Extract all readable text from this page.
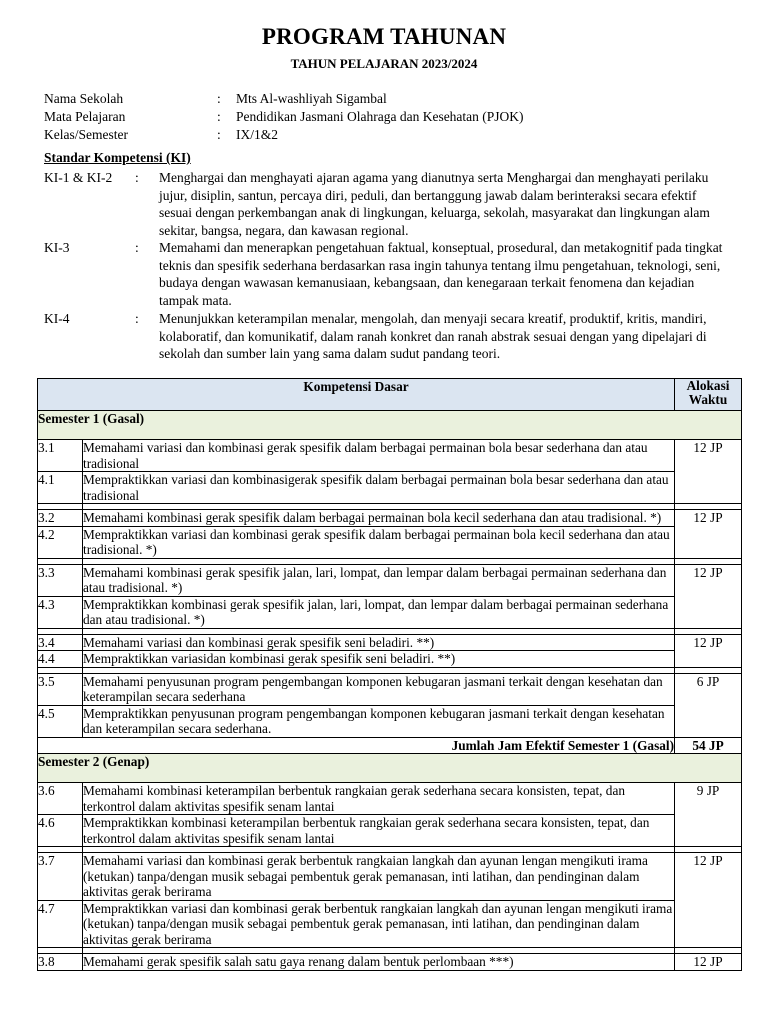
PROGRAM TAHUNAN
TAHUN PELAJARAN 2023/2024
Nama Sekolah	: Mts Al-washliyah Sigambal
Mata Pelajaran	: Pendidikan Jasmani Olahraga dan Kesehatan (PJOK)
Kelas/Semester	: IX/1&2
Standar Kompetensi (KI)
KI-1 & KI-2	: Menghargai dan menghayati ajaran agama yang dianutnya serta Menghargai dan menghayati perilaku jujur, disiplin, santun, percaya diri, peduli, dan bertanggung jawab dalam berinteraksi secara efektif sesuai dengan perkembangan anak di lingkungan, keluarga, sekolah, masyarakat dan lingkungan alam sekitar, bangsa, negara, dan kawasan regional.
KI-3	: Memahami dan menerapkan pengetahuan faktual, konseptual, prosedural, dan metakognitif pada tingkat teknis dan spesifik sederhana berdasarkan rasa ingin tahunya tentang ilmu pengetahuan, teknologi, seni, budaya dengan wawasan kemanusiaan, kebangsaan, dan kenegaraan terkait fenomena dan kejadian tampak mata.
KI-4	: Menunjukkan keterampilan menalar, mengolah, dan menyaji secara kreatif, produktif, kritis, mandiri, kolaboratif, dan komunikatif, dalam ranah konkret dan ranah abstrak sesuai dengan yang dipelajari di sekolah dan sumber lain yang sama dalam sudut pandang teori.
Kompetensi Dasar		Alokasi Waktu
Semester 1 (Gasal)		
3.1	Memahami variasi dan kombinasi gerak spesifik dalam berbagai permainan bola besar sederhana dan atau tradisional	12 JP
4.1	Mempraktikkan variasi dan kombinasigerak spesifik dalam berbagai permainan bola besar sederhana dan atau tradisional	

3.2	Memahami kombinasi gerak spesifik dalam berbagai permainan bola kecil sederhana dan atau tradisional. *)	12 JP
4.2	Mempraktikkan variasi dan kombinasi gerak spesifik dalam berbagai permainan bola kecil sederhana dan atau tradisional. *)	

3.3	Memahami kombinasi gerak spesifik jalan, lari, lompat, dan lempar dalam berbagai permainan sederhana dan atau tradisional. *)	12 JP
4.3	Mempraktikkan kombinasi gerak spesifik jalan, lari, lompat, dan lempar dalam berbagai permainan sederhana dan atau tradisional. *)	

3.4	Memahami variasi dan kombinasi gerak spesifik seni beladiri. **)	12 JP
4.4	Mempraktikkan variasidan kombinasi gerak spesifik seni beladiri. **)	

3.5	Memahami penyusunan program pengembangan komponen kebugaran jasmani terkait dengan kesehatan dan keterampilan secara sederhana	6 JP
4.5	Mempraktikkan penyusunan program pengembangan komponen kebugaran jasmani terkait dengan kesehatan dan keterampilan secara sederhana.	
Jumlah Jam Efektif Semester 1 (Gasal)		54 JP
Semester 2 (Genap)		
3.6	Memahami kombinasi keterampilan berbentuk rangkaian gerak sederhana secara konsisten, tepat, dan terkontrol dalam aktivitas spesifik senam lantai	9 JP
4.6	Mempraktikkan kombinasi keterampilan berbentuk rangkaian gerak sederhana secara konsisten, tepat, dan terkontrol dalam aktivitas spesifik senam lantai	

3.7	Memahami variasi dan kombinasi gerak berbentuk rangkaian langkah dan ayunan lengan mengikuti irama (ketukan) tanpa/dengan musik sebagai pembentuk gerak pemanasan, inti latihan, dan pendinginan dalam aktivitas gerak berirama	12 JP
4.7	Mempraktikkan variasi dan kombinasi gerak berbentuk rangkaian langkah dan ayunan lengan mengikuti irama (ketukan) tanpa/dengan musik sebagai pembentuk gerak pemanasan, inti latihan, dan pendinginan dalam aktivitas gerak berirama	

3.8	Memahami gerak spesifik salah satu gaya renang dalam bentuk perlombaan ***)	12 JP
